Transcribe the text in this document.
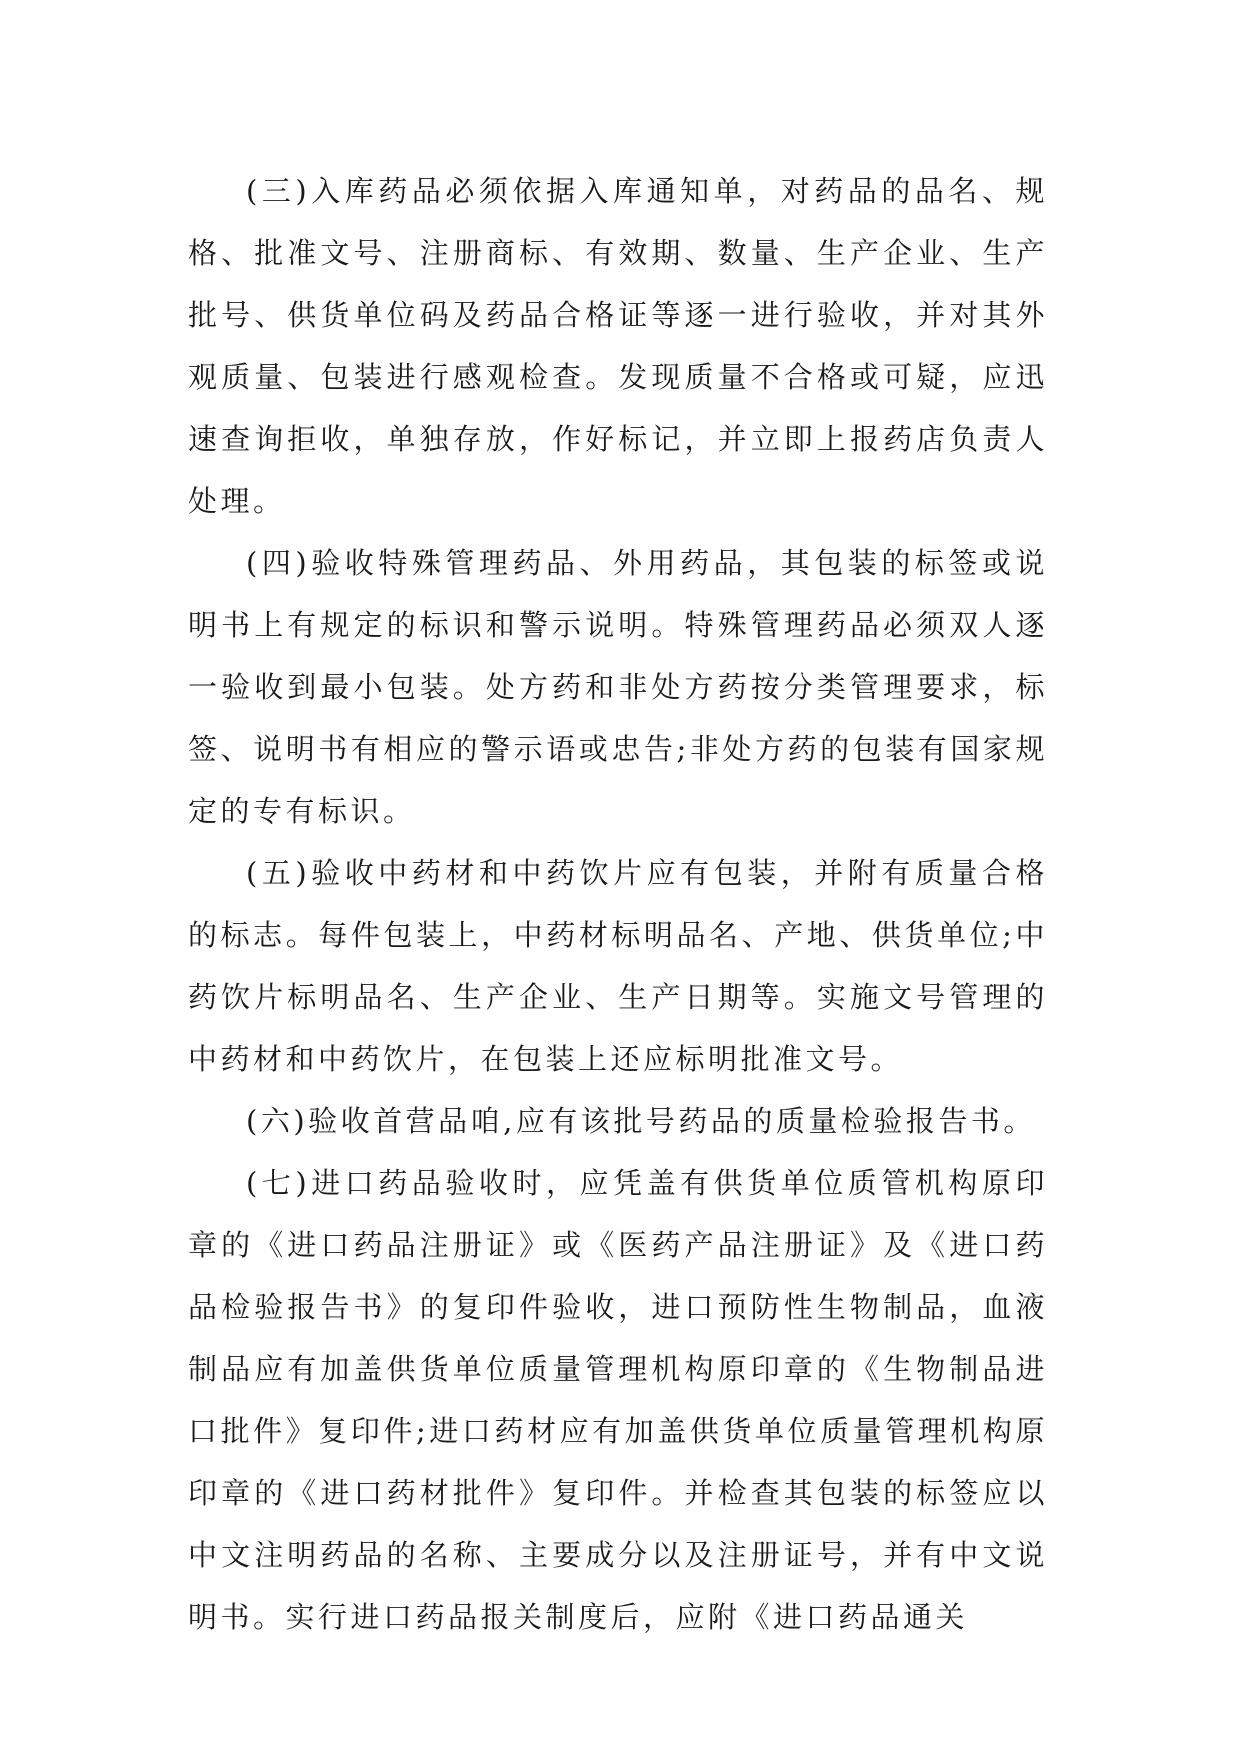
(三)入库药品必须依据入库通知单，对药品的品名、规格、批准文号、注册商标、有效期、数量、生产企业、生产批号、供货单位码及药品合格证等逐一进行验收，并对其外观质量、包装进行感观检查。发现质量不合格或可疑，应迅速查询拒收，单独存放，作好标记，并立即上报药店负责人处理。

(四)验收特殊管理药品、外用药品，其包装的标签或说明书上有规定的标识和警示说明。特殊管理药品必须双人逐一验收到最小包装。处方药和非处方药按分类管理要求，标签、说明书有相应的警示语或忠告;非处方药的包装有国家规定的专有标识。

(五)验收中药材和中药饮片应有包装，并附有质量合格的标志。每件包装上，中药材标明品名、产地、供货单位;中药饮片标明品名、生产企业、生产日期等。实施文号管理的中药材和中药饮片，在包装上还应标明批准文号。

(六)验收首营品咱,应有该批号药品的质量检验报告书。

(七)进口药品验收时，应凭盖有供货单位质管机构原印章的《进口药品注册证》或《医药产品注册证》及《进口药品检验报告书》的复印件验收，进口预防性生物制品，血液制品应有加盖供货单位质量管理机构原印章的《生物制品进口批件》复印件;进口药材应有加盖供货单位质量管理机构原印章的《进口药材批件》复印件。并检查其包装的标签应以中文注明药品的名称、主要成分以及注册证号，并有中文说明书。实行进口药品报关制度后，应附《进口药品通关
